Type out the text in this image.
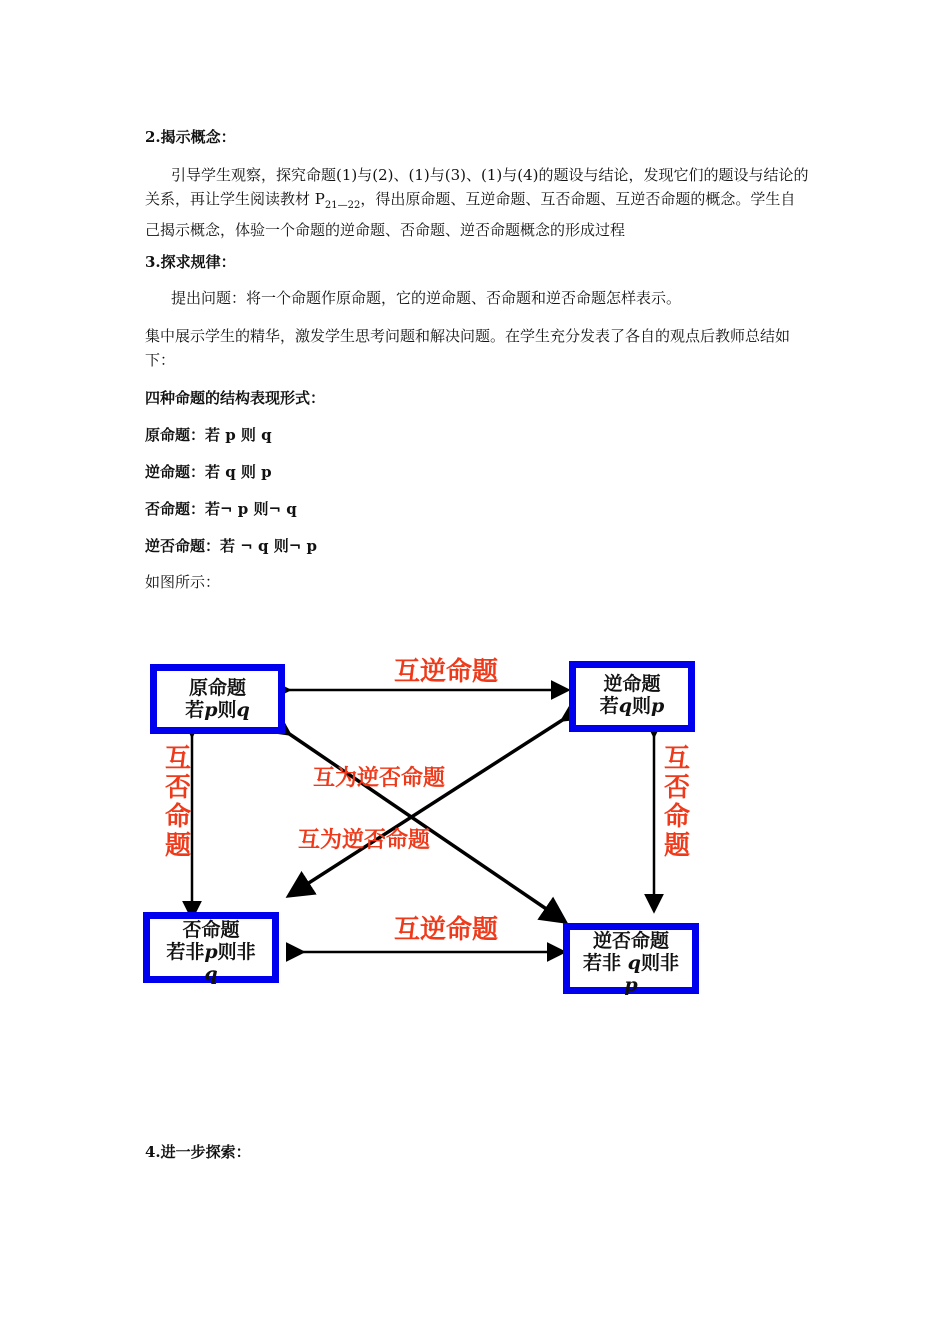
2.揭示概念：
引导学生观察，探究命题(1)与(2)、(1)与(3)、(1)与(4)的题设与结论，发现它们的题设与结论的关系，再让学生阅读教材 $P_{21—22}$，得出原命题、互逆命题、互否命题、互逆否命题的概念。学生自己揭示概念，体验一个命题的逆命题、否命题、逆否命题概念的形成过程
3.探求规律：
提出问题：将一个命题作原命题，它的逆命题、否命题和逆否命题怎样表示。
集中展示学生的精华，激发学生思考问题和解决问题。在学生充分发表了各自的观点后教师总结如下：
四种命题的结构表现形式：
原命题：若 p 则 q
逆命题：若 q 则 p
否命题：若¬ p 则¬ q
逆否命题：若 ¬ q 则¬ p
如图所示：
原命题
若p则q
逆命题
若q则p
否命题
若非p则非
q
逆否命题
若非 q则非
p
互逆命题
互逆命题
互为逆否命题
互为逆否命题
互
否
命
题
互
否
命
题
4.进一步探索：
